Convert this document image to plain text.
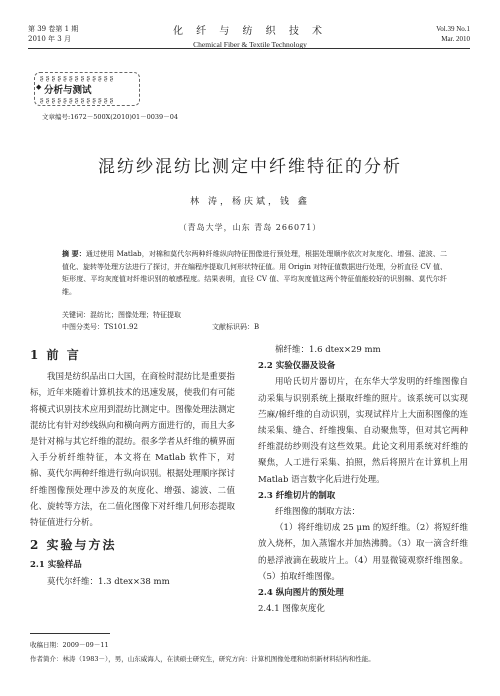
第 39 卷第 1 期
2010 年 3 月
化 纤 与 纺 织 技 术
Chemical Fiber & Textile Technology
Vol.39 No.1
Mar. 2010
ʂ ʂ ʂ ʂ ʂ ʂ ʂ ʂ ʂ ʂ ʂ ʂ ʂ
◆ 分析与测试
ʂ ʂ ʂ ʂ ʂ ʂ ʂ ʂ ʂ ʂ ʂ ʂ ʂ
文章编号:1672－500X(2010)01－0039－04
混纺纱混纺比测定中纤维特征的分析
林 涛，杨庆斌，钱 鑫
（青岛大学，山东 青岛 266071）
摘 要：通过使用 Matlab，对棉和莫代尔两种纤维纵向特征图像进行预处理，根据处理顺序依次对灰度化、增强、滤波、二值化、旋转等处理方法进行了探讨，并在编程序提取几何形状特征值。用 Origin 对特征值数据进行处理，分析直径 CV 值、矩形度、平均灰度值对纤维识别的敏感程度。结果表明，直径 CV 值、平均灰度值这两个特征值能较好的识别棉、莫代尔纤维。
关键词：混纺比；图像处理；特征提取
中图分类号：TS101.92	文献标识码：B
1 前 言
我国是纺织品出口大国，在商检时混纺比是重要指标，近年来随着计算机技术的迅速发展，使我们有可能将模式识别技术应用到混纺比测定中。图像处理法测定混纺比有针对纱线纵向和横向两方面进行的，而且大多是针对棉与其它纤维的混纺。很多学者从纤维的横界面入手分析纤维特征，本文将在 Matlab 软件下，对棉、莫代尔两种纤维进行纵向识别。根据处理顺序探讨纤维图像预处理中涉及的灰度化、增强、滤波、二值化、旋转等方法，在二值化图像下对纤维几何形态提取特征值进行分析。
2 实验与方法
2.1 实验样品
莫代尔纤维：1.3 dtex×38 mm
棉纤维：1.6 dtex×29 mm
2.2 实验仪器及设备
用哈氏切片器切片，在东华大学发明的纤维图像自动采集与识别系统上摄取纤维的照片。该系统可以实现苎麻/棉纤维的自动识别，实现试样片上大面积图像的连续采集、缝合、纤维搜集、自动聚焦等，但对其它两种纤维混纺纱则没有这些效果。此论文利用系统对纤维的聚焦，人工进行采集、拍照，然后将照片在计算机上用 Matlab 语言数字化后进行处理。
2.3 纤维切片的制取
纤维图像的制取方法：
（1）将纤维切成 25 μm 的短纤维。（2）将短纤维放入烧杯，加入蒸馏水并加热沸腾。（3）取一滴含纤维的悬浮液滴在载玻片上。（4）用显微镜观察纤维图象。（5）拍取纤维图像。
2.4 纵向图片的预处理
2.4.1 图像灰度化
收稿日期：2009－09－11
作者简介：林涛（1983－），男，山东威海人，在读硕士研究生，研究方向：计算机图像处理和纺织新材料结构和性能。
